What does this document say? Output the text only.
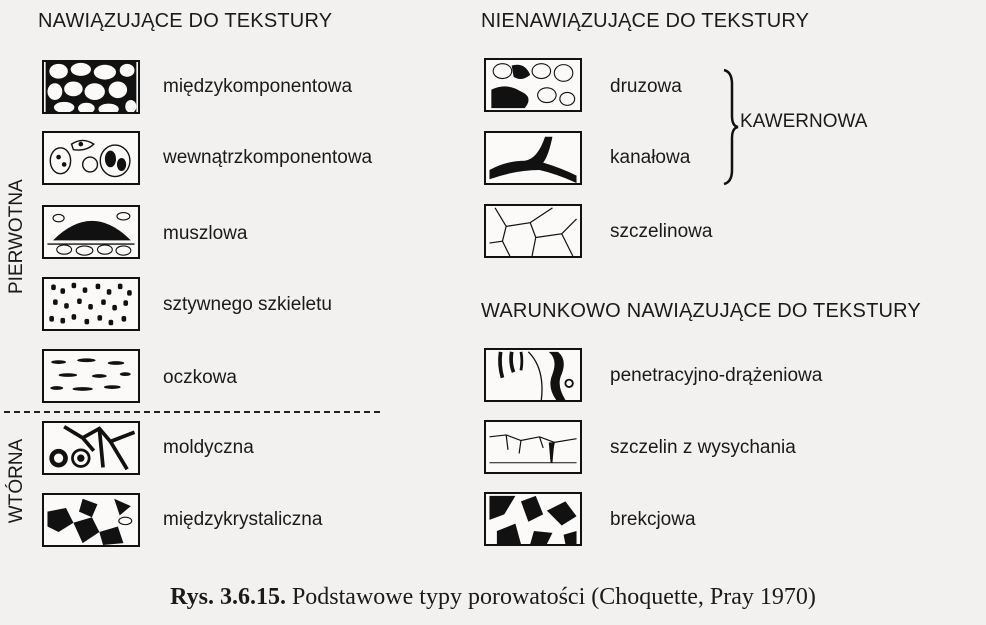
NAWIĄZUJĄCE DO TEKSTURY	NIENAWIĄZUJĄCE DO TEKSTURY
WARUNKOWO NAWIĄZUJĄCE DO TEKSTURY
PIERWOTNA
WTÓRNA
międzykomponentowa
wewnątrzkomponentowa
muszlowa
sztywnego szkieletu
oczkowa
moldyczna
międzykrystaliczna
druzowa
kanałowa
szczelinowa
KAWERNOWA
penetracyjno-drążeniowa
szczelin z wysychania
brekcjowa
Rys. 3.6.15. Podstawowe typy porowatości (Choquette, Pray 1970)
